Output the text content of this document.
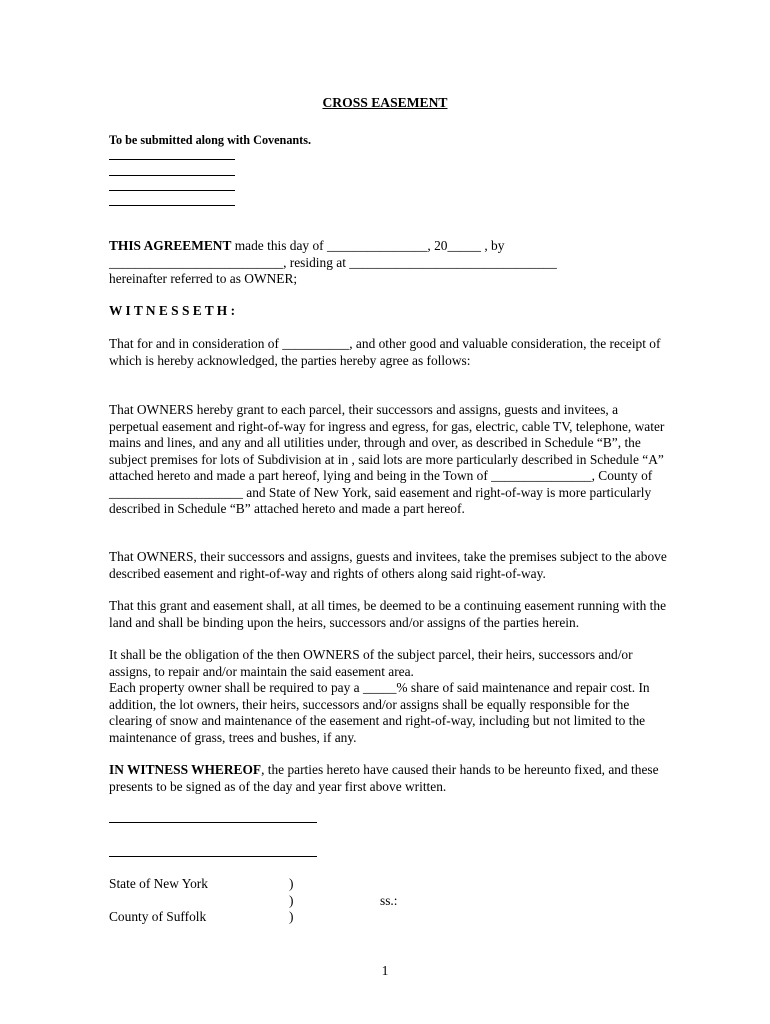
CROSS EASEMENT
To be submitted along with Covenants.
THIS AGREEMENT made this day of _______________, 20_____ , by
__________________________, residing at _______________________________
hereinafter referred to as OWNER;
W I T N E S S E T H :

That for and in consideration of __________, and other good and valuable consideration, the receipt of which is hereby acknowledged, the parties hereby agree as follows:

That OWNERS hereby grant to each parcel, their successors and assigns, guests and invitees, a perpetual easement and right-of-way for ingress and egress, for gas, electric, cable TV, telephone, water mains and lines, and any and all utilities under, through and over, as described in Schedule “B”, the subject premises for lots of Subdivision at in , said lots are more particularly described in Schedule “A” attached hereto and made a part hereof, lying and being in the Town of _______________, County of ____________________ and State of New York, said easement and right-of-way is more particularly described in Schedule “B” attached hereto and made a part hereof.

That OWNERS, their successors and assigns, guests and invitees, take the premises subject to the above described easement and right-of-way and rights of others along said right-of-way.

That this grant and easement shall, at all times, be deemed to be a continuing easement running with the land and shall be binding upon the heirs, successors and/or assigns of the parties herein.

It shall be the obligation of the then OWNERS of the subject parcel, their heirs, successors and/or assigns, to repair and/or maintain the said easement area.

Each property owner shall be required to pay a _____% share of said maintenance and repair cost. In addition, the lot owners, their heirs, successors and/or assigns shall be equally responsible for the clearing of snow and maintenance of the easement and right-of-way, including but not limited to the maintenance of grass, trees and bushes, if any.

IN WITNESS WHEREOF, the parties hereto have caused their hands to be hereunto fixed, and these presents to be signed as of the day and year first above written.

State of New York
County of Suffolk
)
)
)
ss.:
1
